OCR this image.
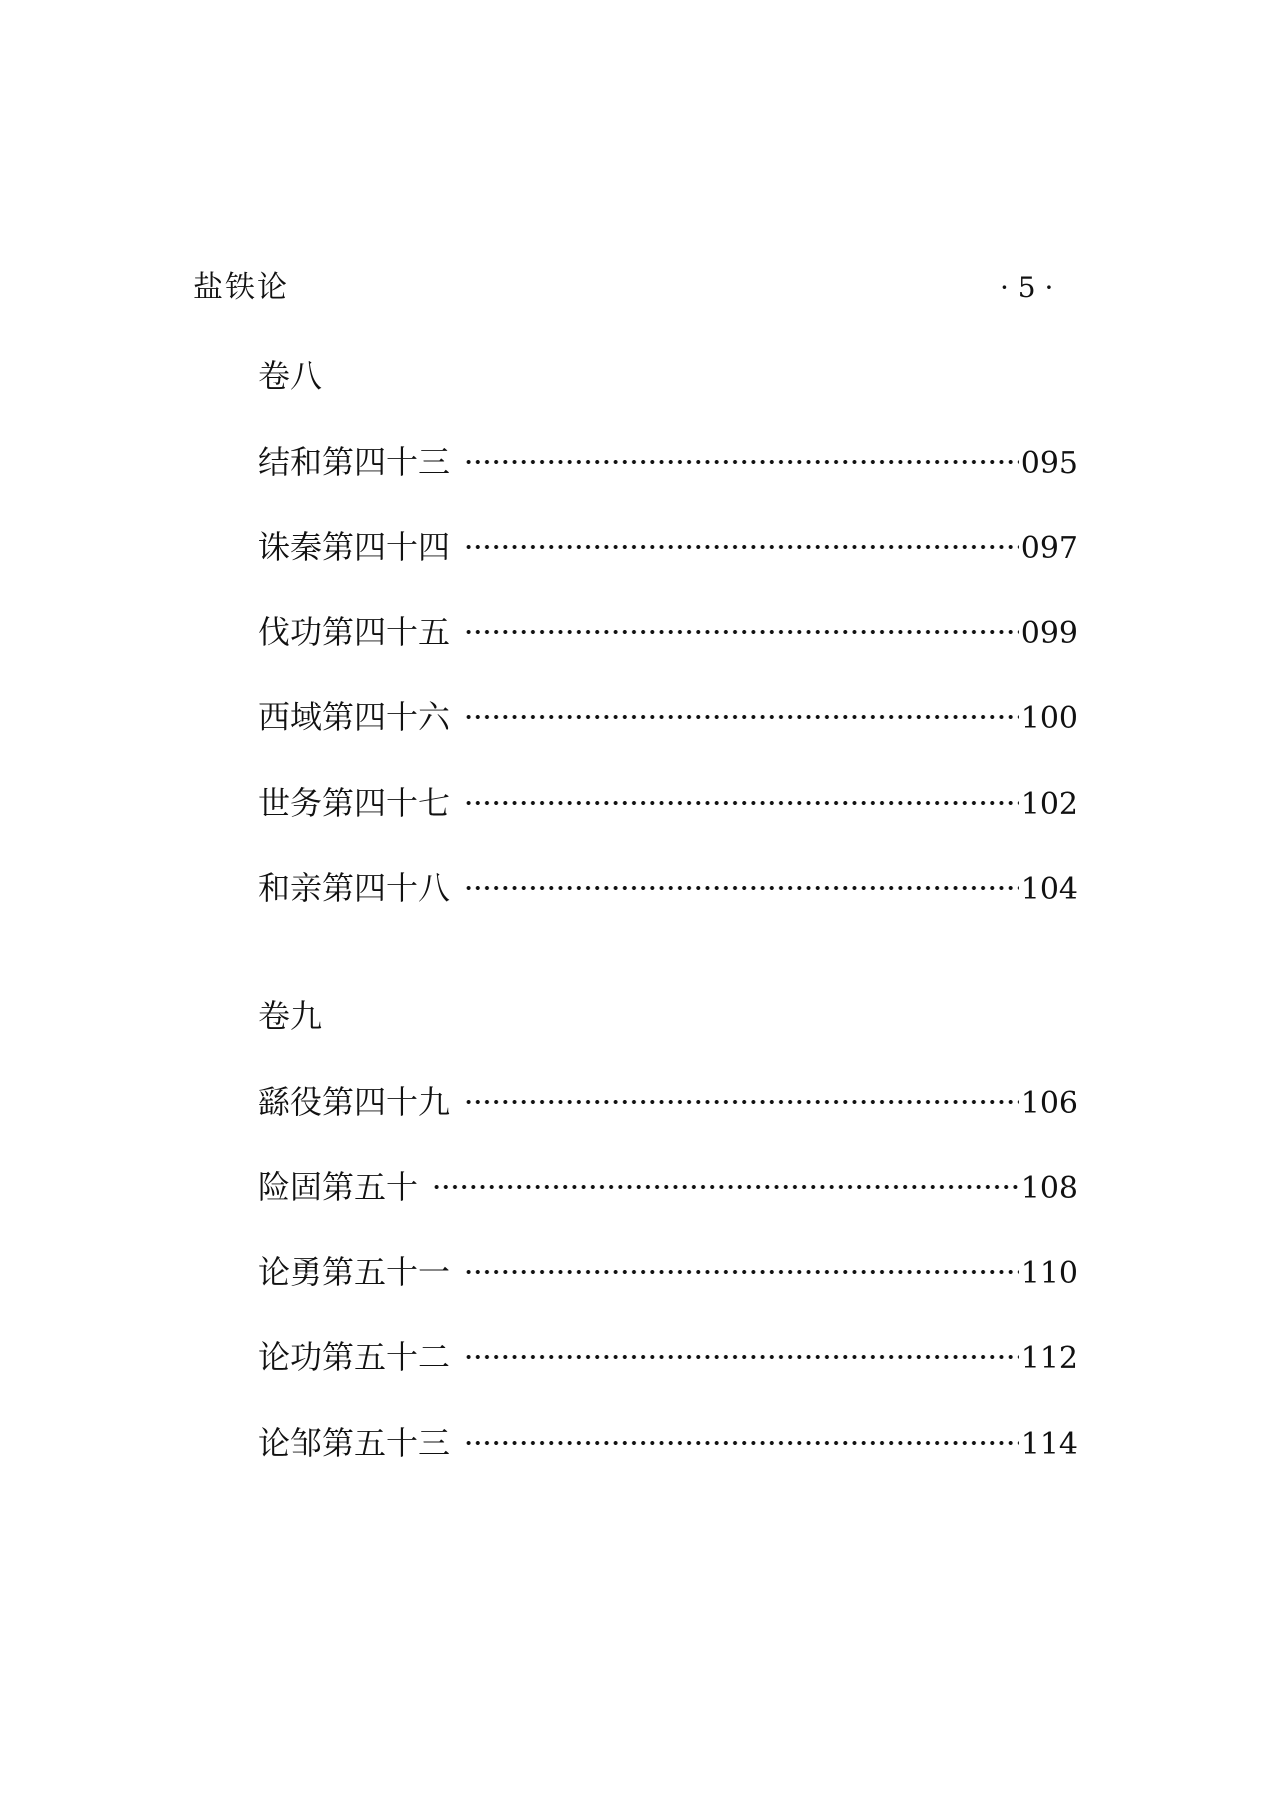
盐铁论	· 5 ·
卷八
结和第四十三	095
诛秦第四十四	097
伐功第四十五	099
西域第四十六	100
世务第四十七	102
和亲第四十八	104
卷九
繇役第四十九	106
险固第五十	108
论勇第五十一	110
论功第五十二	112
论邹第五十三	114
